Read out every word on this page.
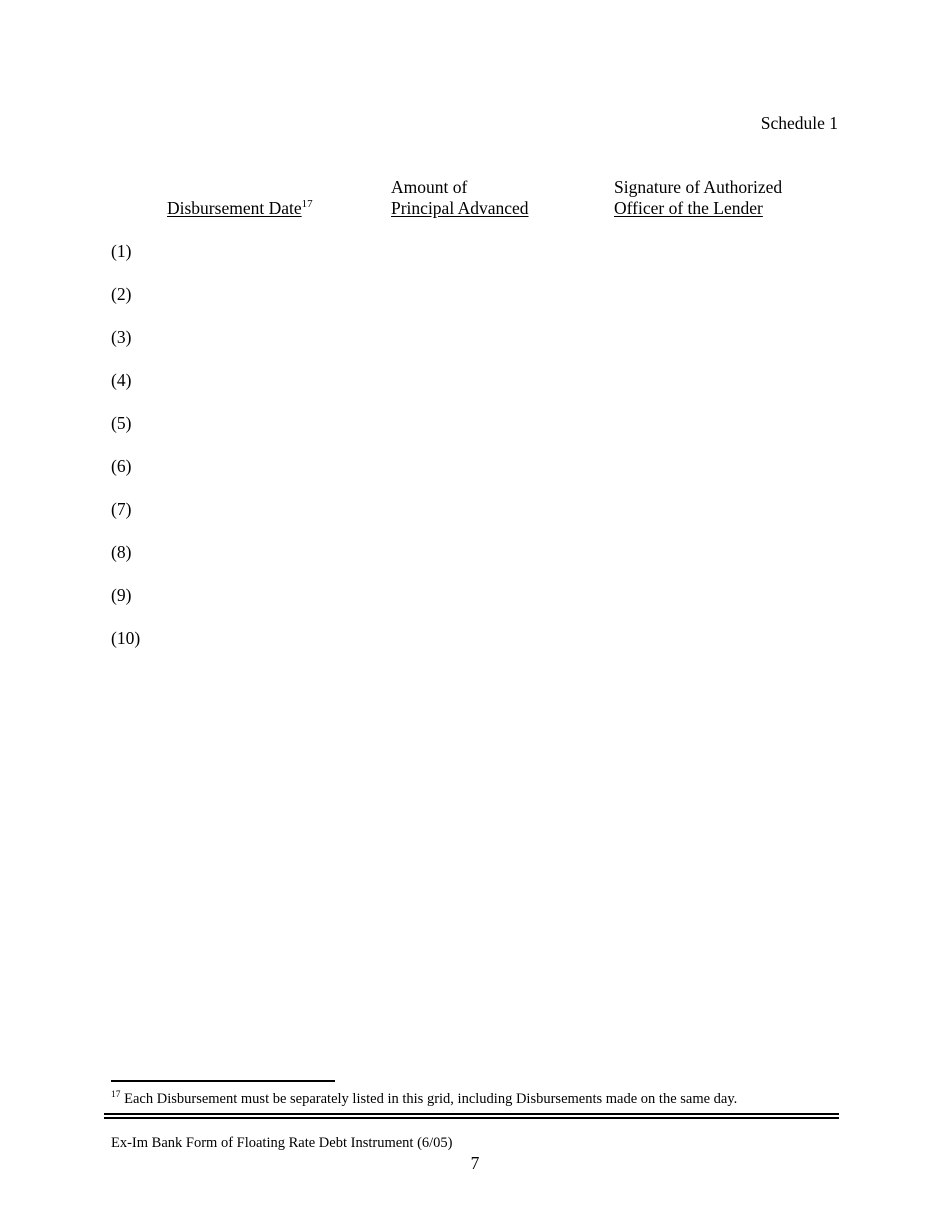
Schedule 1
Disbursement Date$^{17}$
Amount of
Principal Advanced
Signature of Authorized
Officer of the Lender
(1)
(2)
(3)
(4)
(5)
(6)
(7)
(8)
(9)
(10)
$^{17}$ Each Disbursement must be separately listed in this grid, including Disbursements made on the same day.
Ex-Im Bank Form of Floating Rate Debt Instrument (6/05)
7
